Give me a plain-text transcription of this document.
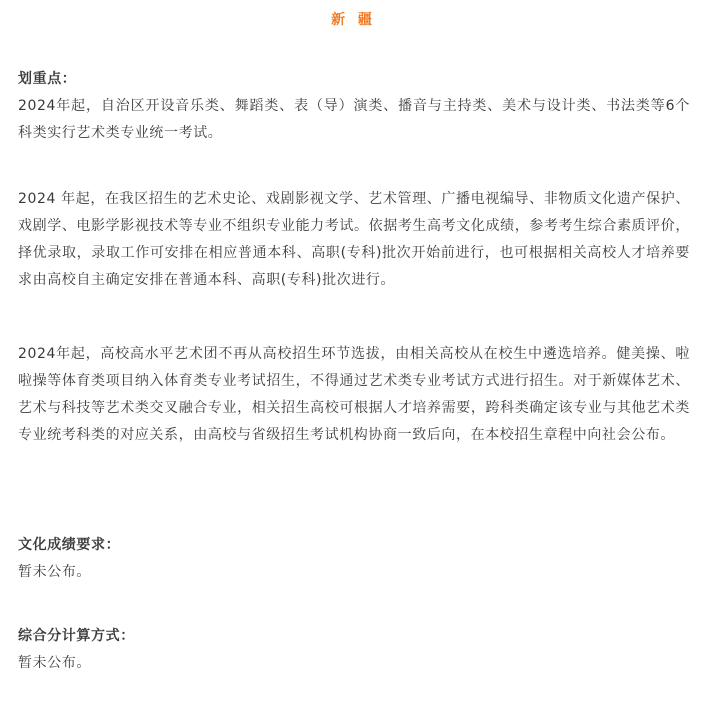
新 疆
划重点：
2024年起，自治区开设音乐类、舞蹈类、表（导）演类、播音与主持类、美术与设计类、书法类等6个科类实行艺术类专业统一考试。
2024 年起，在我区招生的艺术史论、戏剧影视文学、艺术管理、广播电视编导、非物质文化遗产保护、戏剧学、电影学影视技术等专业不组织专业能力考试。依据考生高考文化成绩，参考考生综合素质评价，择优录取，录取工作可安排在相应普通本科、高职(专科)批次开始前进行，也可根据相关高校人才培养要求由高校自主确定安排在普通本科、高职(专科)批次进行。
2024年起，高校高水平艺术团不再从高校招生环节选拔，由相关高校从在校生中遴选培养。健美操、啦啦操等体育类项目纳入体育类专业考试招生，不得通过艺术类专业考试方式进行招生。对于新媒体艺术、艺术与科技等艺术类交叉融合专业，相关招生高校可根据人才培养需要，跨科类确定该专业与其他艺术类专业统考科类的对应关系，由高校与省级招生考试机构协商一致后向，在本校招生章程中向社会公布。
文化成绩要求：
暂未公布。
综合分计算方式：
暂未公布。
